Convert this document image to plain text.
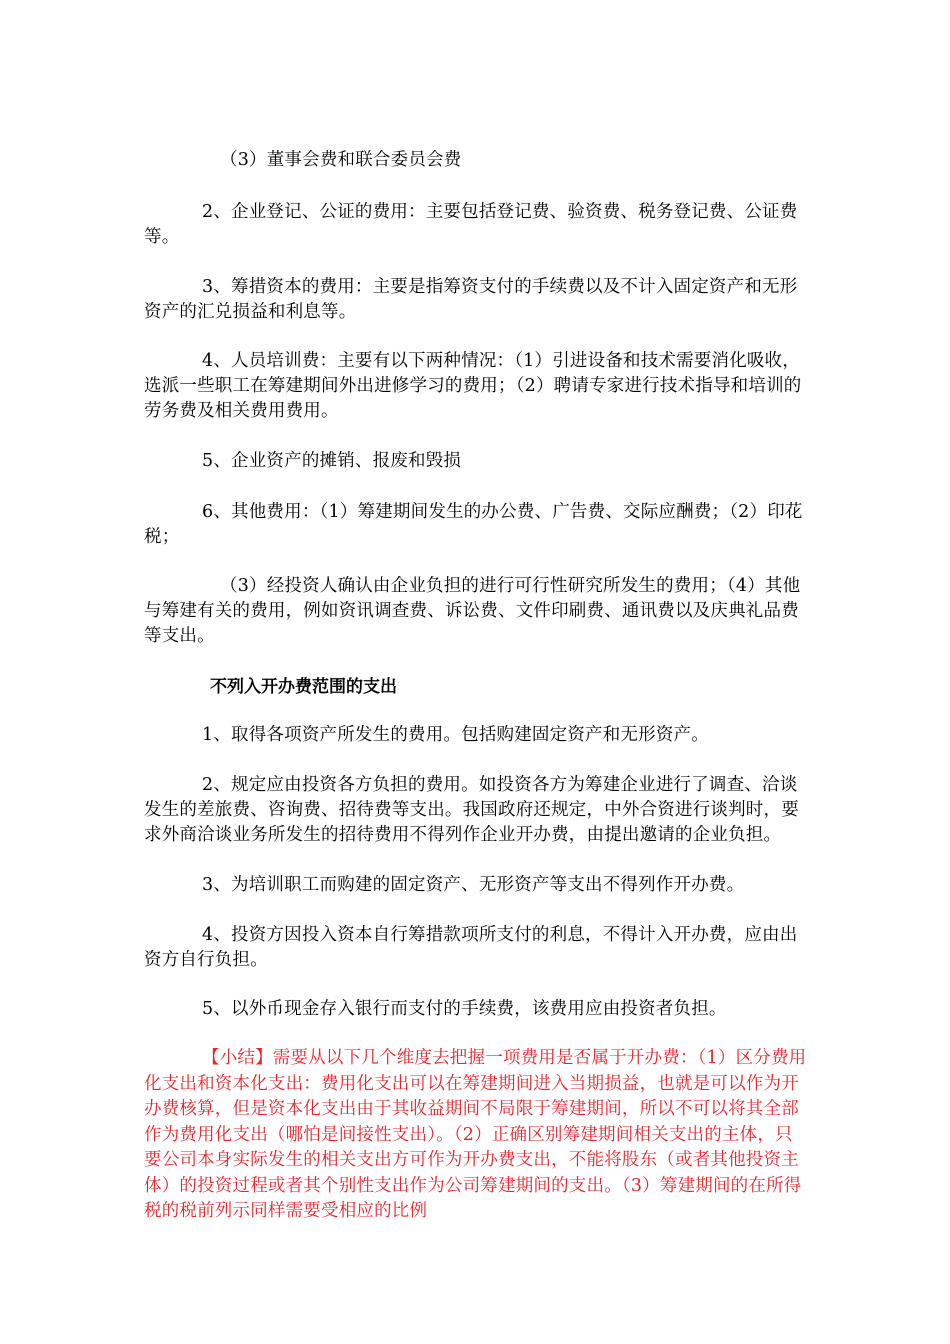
（3）董事会费和联合委员会费

2、企业登记、公证的费用：主要包括登记费、验资费、税务登记费、公证费等。

3、筹措资本的费用：主要是指筹资支付的手续费以及不计入固定资产和无形资产的汇兑损益和利息等。

4、人员培训费：主要有以下两种情况：（1）引进设备和技术需要消化吸收，选派一些职工在筹建期间外出进修学习的费用；（2）聘请专家进行技术指导和培训的劳务费及相关费用费用。

5、企业资产的摊销、报废和毁损

6、其他费用：（1）筹建期间发生的办公费、广告费、交际应酬费；（2）印花税；

（3）经投资人确认由企业负担的进行可行性研究所发生的费用；（4）其他与筹建有关的费用，例如资讯调查费、诉讼费、文件印刷费、通讯费以及庆典礼品费等支出。

不列入开办费范围的支出

1、取得各项资产所发生的费用。包括购建固定资产和无形资产。

2、规定应由投资各方负担的费用。如投资各方为筹建企业进行了调查、洽谈发生的差旅费、咨询费、招待费等支出。我国政府还规定，中外合资进行谈判时，要求外商洽谈业务所发生的招待费用不得列作企业开办费，由提出邀请的企业负担。

3、为培训职工而购建的固定资产、无形资产等支出不得列作开办费。

4、投资方因投入资本自行筹措款项所支付的利息，不得计入开办费，应由出资方自行负担。

5、以外币现金存入银行而支付的手续费，该费用应由投资者负担。

【小结】需要从以下几个维度去把握一项费用是否属于开办费：（1）区分费用化支出和资本化支出：费用化支出可以在筹建期间进入当期损益，也就是可以作为开办费核算，但是资本化支出由于其收益期间不局限于筹建期间，所以不可以将其全部作为费用化支出（哪怕是间接性支出）。（2）正确区别筹建期间相关支出的主体，只要公司本身实际发生的相关支出方可作为开办费支出，不能将股东（或者其他投资主体）的投资过程或者其个别性支出作为公司筹建期间的支出。（3）筹建期间的在所得税的税前列示同样需要受相应的比例
